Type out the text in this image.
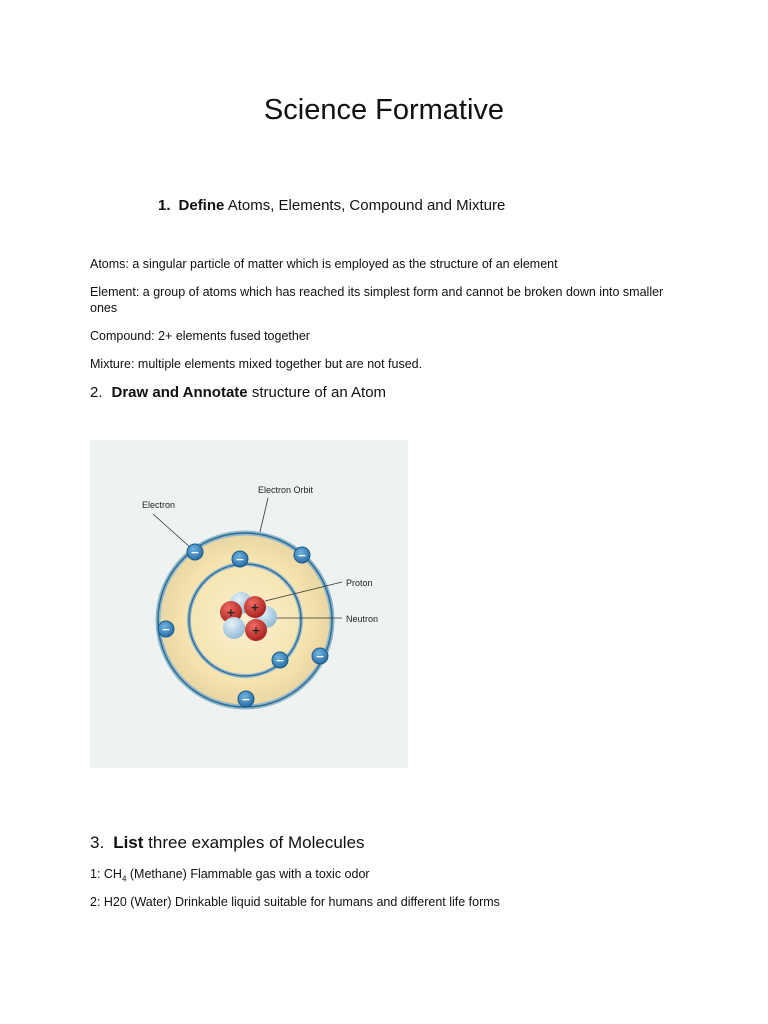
Science Formative
1. Define Atoms, Elements, Compound and Mixture
Atoms: a singular particle of matter which is employed as the structure of an element
Element: a group of atoms which has reached its simplest form and cannot be broken down into smaller ones
Compound: 2+ elements fused together
Mixture: multiple elements mixed together but are not fused.
2. Draw and Annotate structure of an Atom
Electron
Electron Orbit
Proton
Neutron
+ +
+
−
−	−
−
−	−
−
3. List three examples of Molecules
1: $CH_4$ (Methane) Flammable gas with a toxic odor
2: H20 (Water) Drinkable liquid suitable for humans and different life forms
